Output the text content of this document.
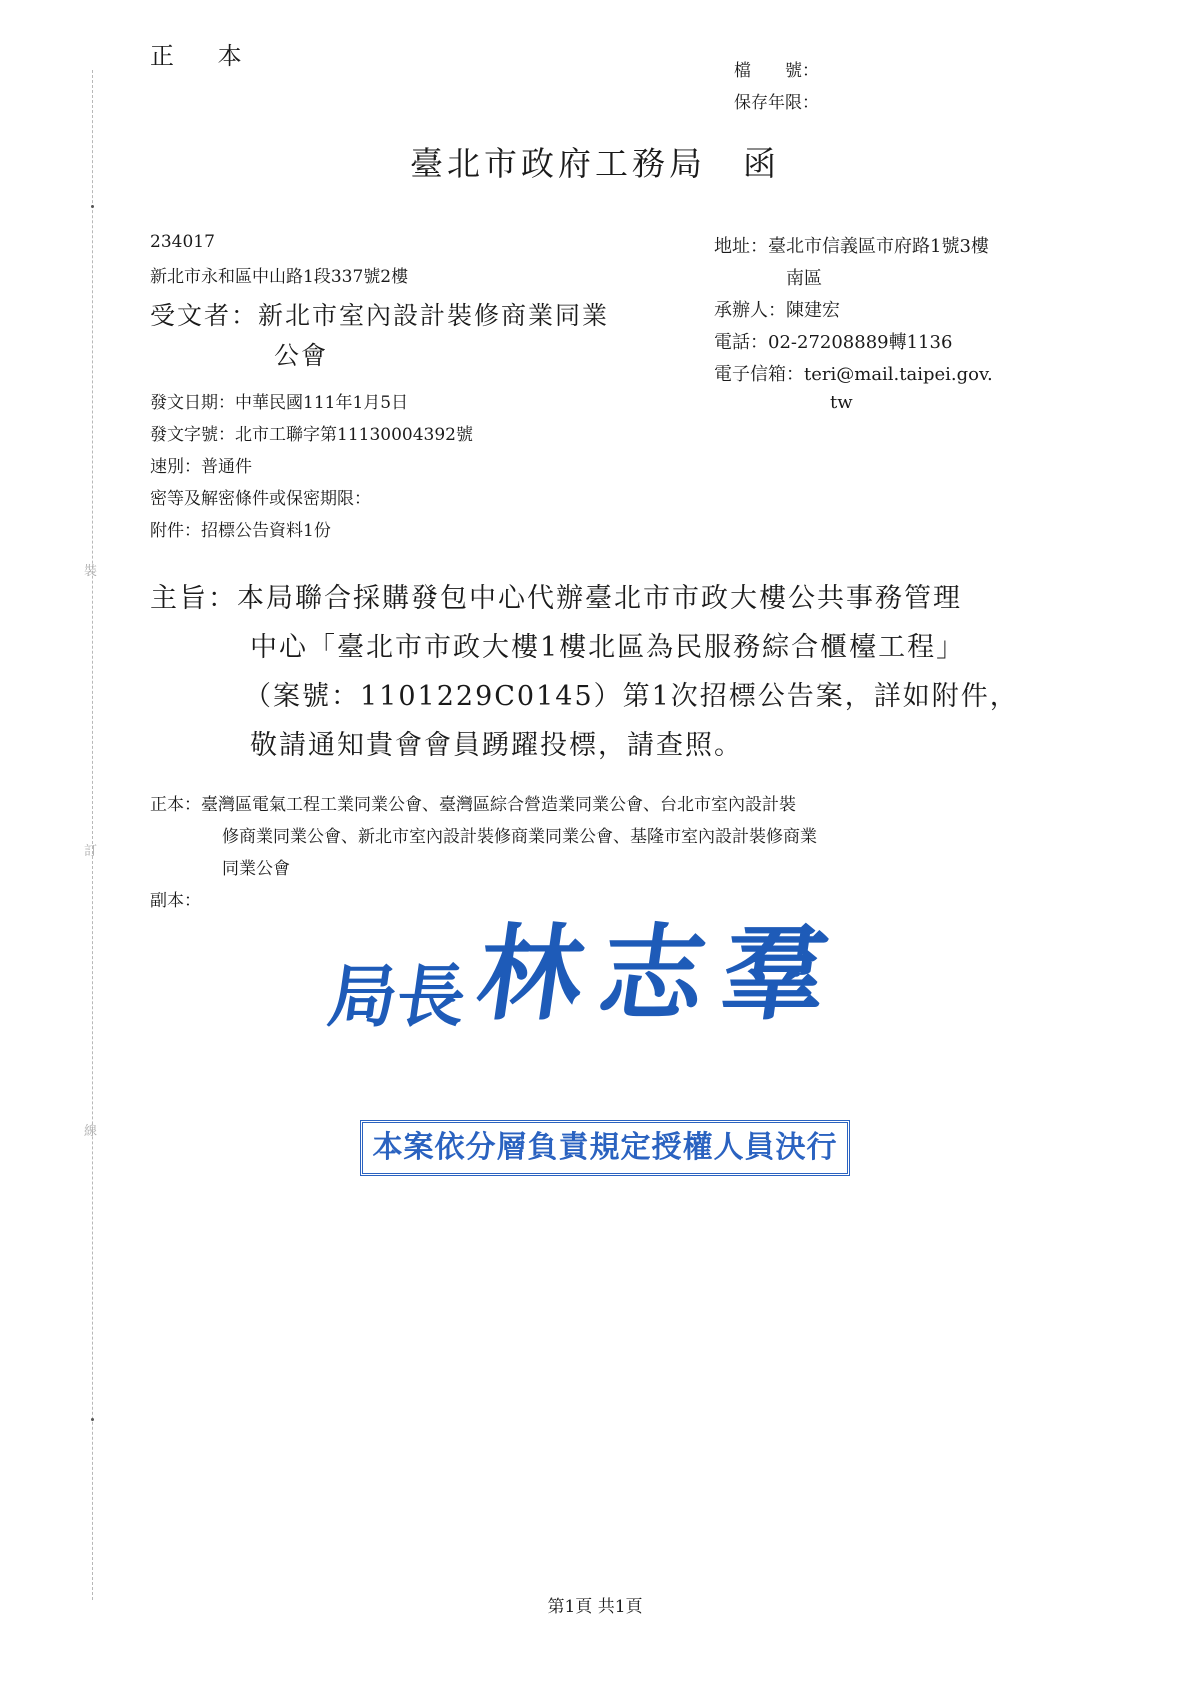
裝
訂
線
正 本
檔　　號：
保存年限：
臺北市政府工務局　函
234017
新北市永和區中山路1段337號2樓
受文者：新北市室內設計裝修商業同業
公會
地址：臺北市信義區市府路1號3樓
南區
承辦人：陳建宏
電話：02-27208889轉1136
電子信箱：teri@mail.taipei.gov.
tw
發文日期：中華民國111年1月5日
發文字號：北市工聯字第11130004392號
速別：普通件
密等及解密條件或保密期限：
附件：招標公告資料1份
主旨：本局聯合採購發包中心代辦臺北市市政大樓公共事務管理
中心「臺北市市政大樓1樓北區為民服務綜合櫃檯工程」
（案號：1101229C0145）第1次招標公告案，詳如附件，
敬請通知貴會會員踴躍投標，請查照。
正本：臺灣區電氣工程工業同業公會、臺灣區綜合營造業同業公會、台北市室內設計裝
修商業同業公會、新北市室內設計裝修商業同業公會、基隆市室內設計裝修商業
同業公會
副本：
局長 林志羣
本案依分層負責規定授權人員決行
第1頁 共1頁
